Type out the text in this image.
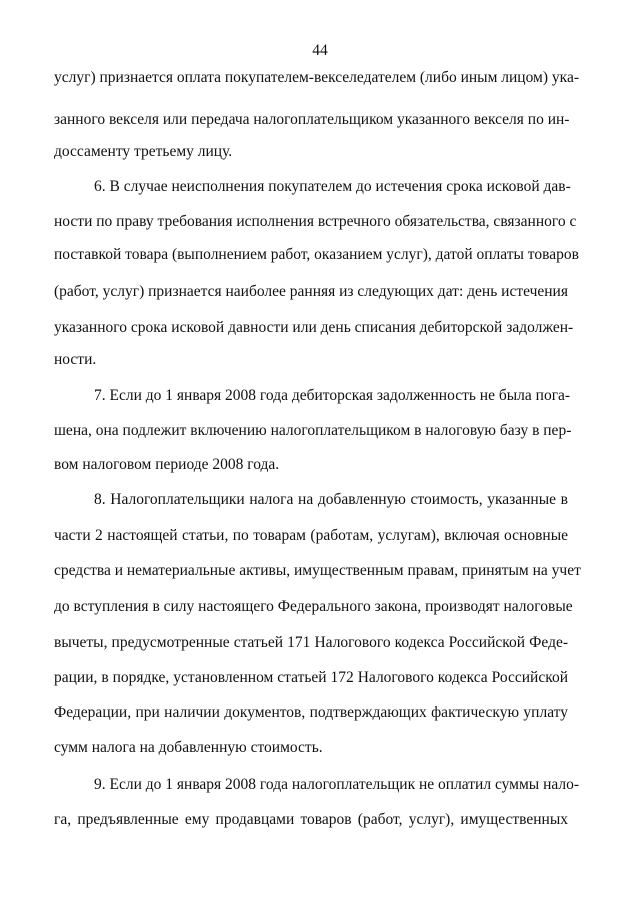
44
услуг) признается оплата покупателем-векселедателем (либо иным лицом) ука-
занного векселя или передача налогоплательщиком указанного векселя по ин-
доссаменту третьему лицу.
6. В случае неисполнения покупателем до истечения срока исковой дав-
ности по праву требования исполнения встречного обязательства, связанного с
поставкой товара (выполнением работ, оказанием услуг), датой оплаты товаров
(работ, услуг) признается наиболее ранняя из следующих дат: день истечения
указанного срока исковой давности или день списания дебиторской задолжен-
ности.
7. Если до 1 января 2008 года дебиторская задолженность не была пога-
шена, она подлежит включению налогоплательщиком в налоговую базу в пер-
вом налоговом периоде 2008 года.
8. Налогоплательщики налога на добавленную стоимость, указанные в
части 2 настоящей статьи, по товарам (работам, услугам), включая основные
средства и нематериальные активы, имущественным правам, принятым на учет
до вступления в силу настоящего Федерального закона, производят налоговые
вычеты, предусмотренные статьей 171 Налогового кодекса Российской Феде-
рации, в порядке, установленном статьей 172 Налогового кодекса Российской
Федерации, при наличии документов, подтверждающих фактическую уплату
сумм налога на добавленную стоимость.
9. Если до 1 января 2008 года налогоплательщик не оплатил суммы нало-
га, предъявленные ему продавцами товаров (работ, услуг), имущественных
